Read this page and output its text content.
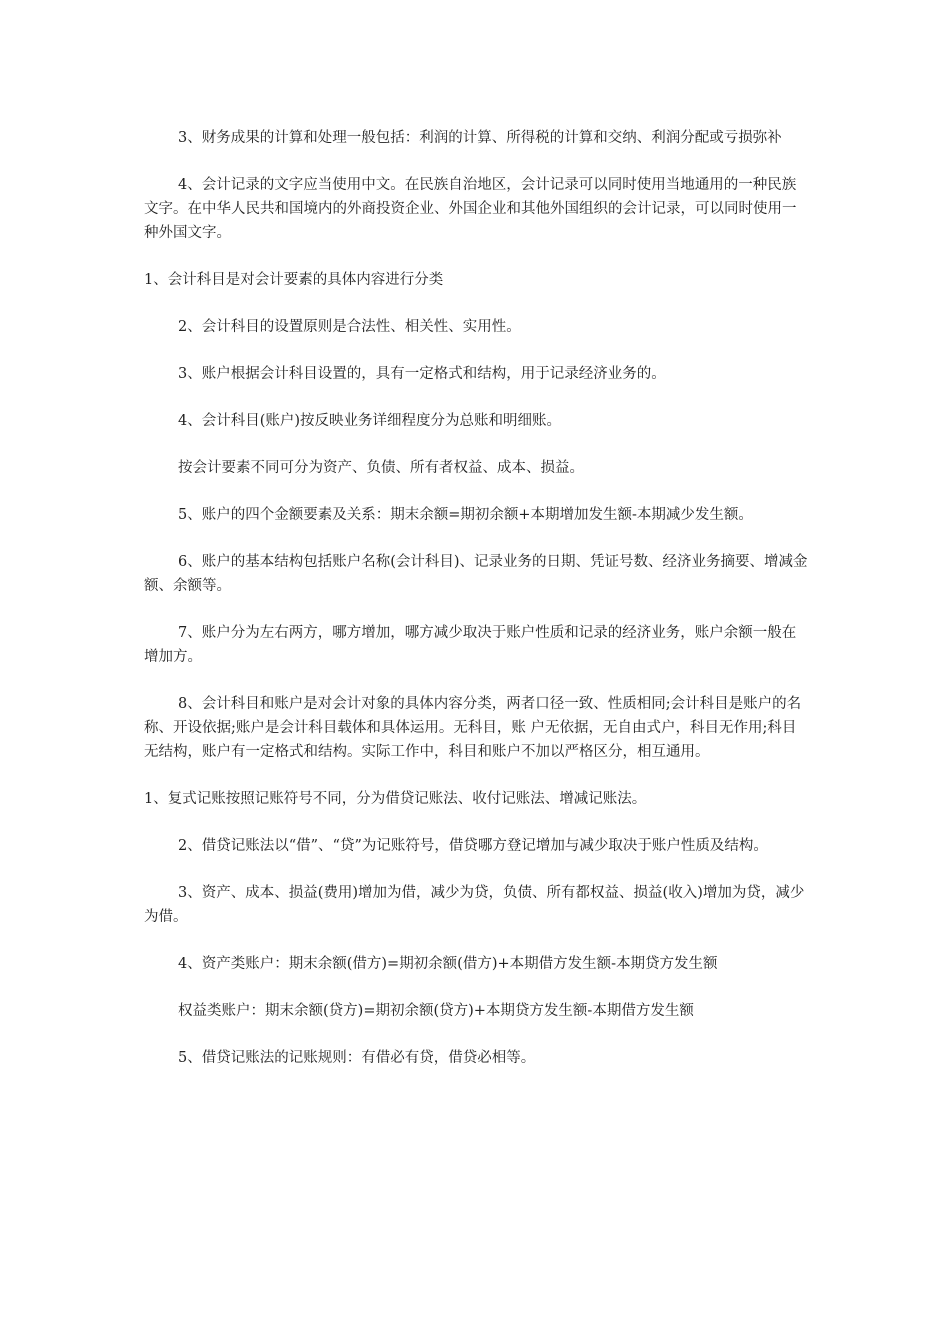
3、财务成果的计算和处理一般包括：利润的计算、所得税的计算和交纳、利润分配或亏损弥补

4、会计记录的文字应当使用中文。在民族自治地区，会计记录可以同时使用当地通用的一种民族文字。在中华人民共和国境内的外商投资企业、外国企业和其他外国组织的会计记录，可以同时使用一种外国文字。

1、会计科目是对会计要素的具体内容进行分类

2、会计科目的设置原则是合法性、相关性、实用性。

3、账户根据会计科目设置的，具有一定格式和结构，用于记录经济业务的。

4、会计科目(账户)按反映业务详细程度分为总账和明细账。

按会计要素不同可分为资产、负债、所有者权益、成本、损益。

5、账户的四个金额要素及关系：期末余额=期初余额+本期增加发生额-本期减少发生额。

6、账户的基本结构包括账户名称(会计科目)、记录业务的日期、凭证号数、经济业务摘要、增减金额、余额等。

7、账户分为左右两方，哪方增加，哪方减少取决于账户性质和记录的经济业务，账户余额一般在增加方。

8、会计科目和账户是对会计对象的具体内容分类，两者口径一致、性质相同;会计科目是账户的名称、开设依据;账户是会计科目载体和具体运用。无科目，账 户无依据，无自由式户，科目无作用;科目无结构，账户有一定格式和结构。实际工作中，科目和账户不加以严格区分，相互通用。

1、复式记账按照记账符号不同，分为借贷记账法、收付记账法、增减记账法。

2、借贷记账法以“借”、“贷”为记账符号，借贷哪方登记增加与减少取决于账户性质及结构。

3、资产、成本、损益(费用)增加为借，减少为贷，负债、所有都权益、损益(收入)增加为贷，减少为借。

4、资产类账户：期末余额(借方)=期初余额(借方)+本期借方发生额-本期贷方发生额

权益类账户：期末余额(贷方)=期初余额(贷方)+本期贷方发生额-本期借方发生额

5、借贷记账法的记账规则：有借必有贷，借贷必相等。
